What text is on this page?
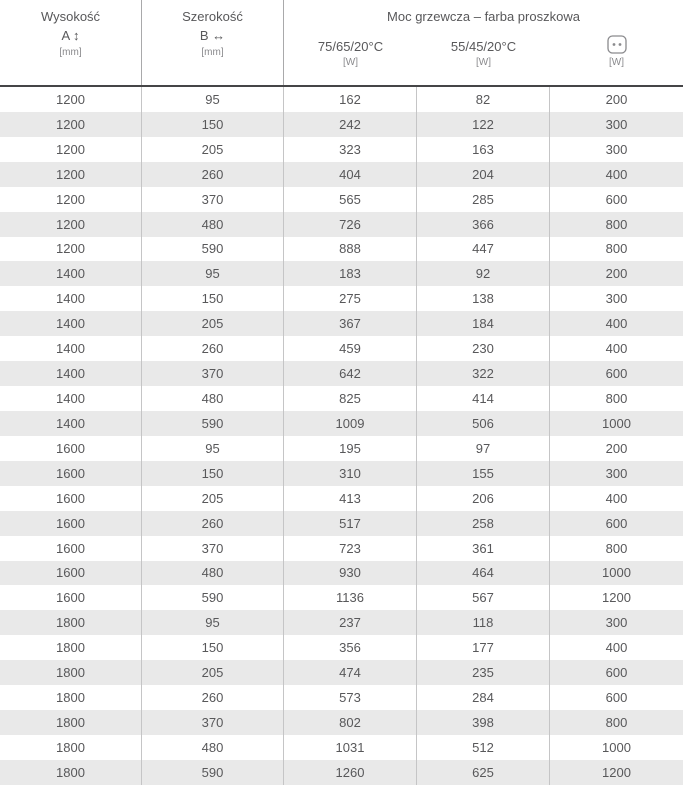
Wysokość
A ↕
[mm]
Szerokość
B ↔
[mm]
Moc grzewcza – farba proszkowa
75/65/20°C
[W]
55/45/20°C
[W]	[W]
1200	95	162	82	200
1200	150	242	122	300
1200	205	323	163	300
1200	260	404	204	400
1200	370	565	285	600
1200	480	726	366	800
1200	590	888	447	800
1400	95	183	92	200
1400	150	275	138	300
1400	205	367	184	400
1400	260	459	230	400
1400	370	642	322	600
1400	480	825	414	800
1400	590	1009	506	1000
1600	95	195	97	200
1600	150	310	155	300
1600	205	413	206	400
1600	260	517	258	600
1600	370	723	361	800
1600	480	930	464	1000
1600	590	1136	567	1200
1800	95	237	118	300
1800	150	356	177	400
1800	205	474	235	600
1800	260	573	284	600
1800	370	802	398	800
1800	480	1031	512	1000
1800	590	1260	625	1200
